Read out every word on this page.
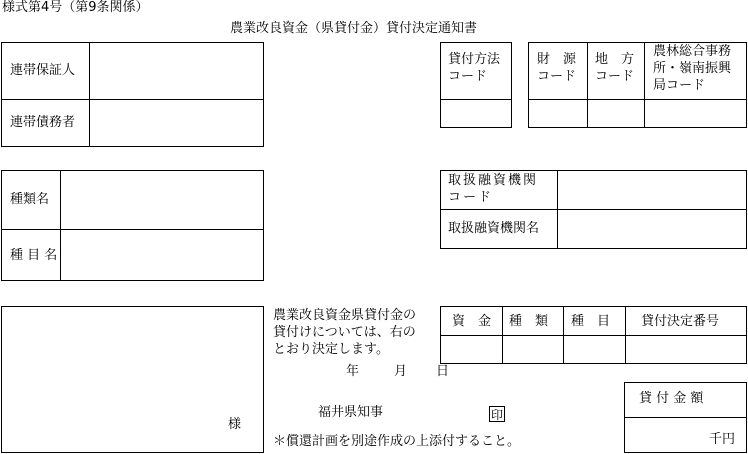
様式第4号（第9条関係）
農業改良資金（県貸付金）貸付決定通知書
連帯保証人
連帯債務者
貸付方法
コード
財　源
コード
地　方
コード
農林総合事務
所・嶺南振興
局コード
種類名
種 目 名
取扱融資機関
コード
取扱融資機関名
様
農業改良資金県貸付金の
貸付けについては、右の
とおり決定します。
資　金 種　類 種　目 貸付決定番号
年	月 日
福井県知事	印
貸 付 金 額
千円
＊償還計画を別途作成の上添付すること。
